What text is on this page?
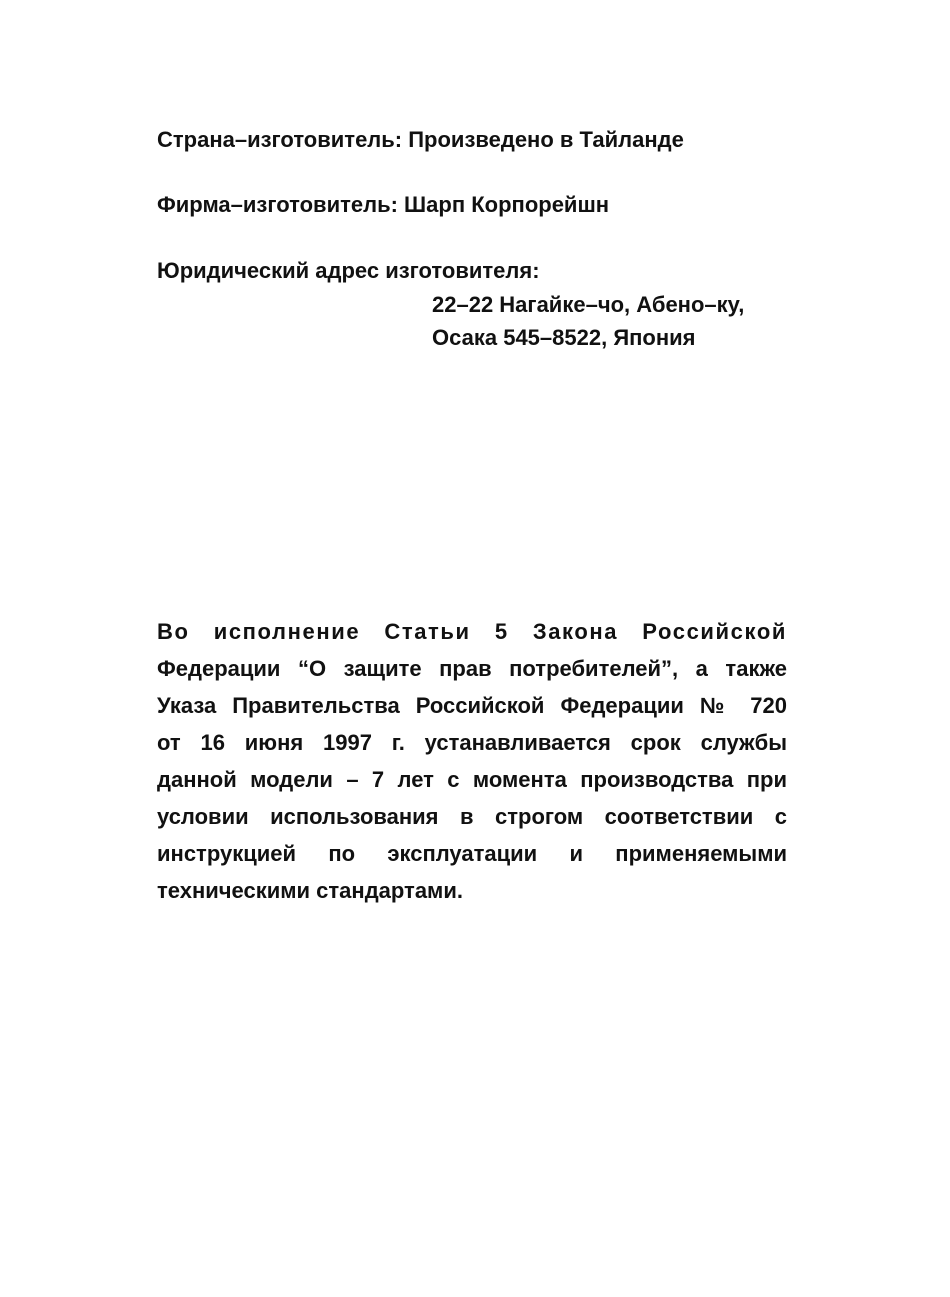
Страна–изготовитель: Произведено в Тайланде

Фирма–изготовитель: Шарп Корпорейшн

Юридический адрес изготовителя:

22–22 Нагайке–чо, Абено–ку,

Осака 545–8522, Япония

Во исполнение Статьи 5 Закона Российской
Федерации “О защите прав потребителей”, а также
Указа Правительства Российской Федерации № 720
от 16 июня 1997 г. устанавливается срок службы
данной модели – 7 лет с момента производства при
условии использования в строгом соответствии с
инструкцией по эксплуатации и применяемыми
техническими стандартами.
